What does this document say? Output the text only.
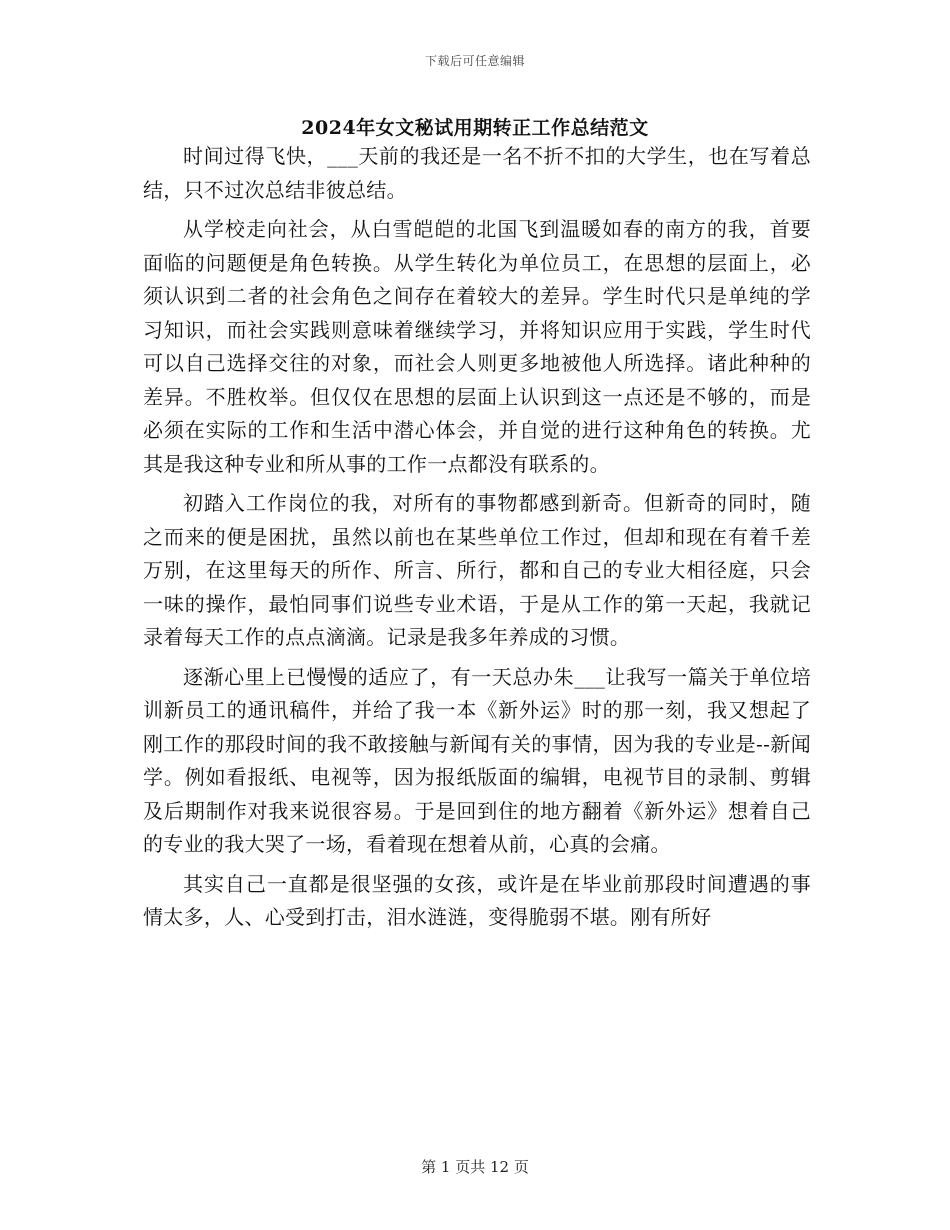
下载后可任意编辑
2024年女文秘试用期转正工作总结范文

时间过得飞快，___天前的我还是一名不折不扣的大学生，也在写着总结，只不过次总结非彼总结。

从学校走向社会，从白雪皑皑的北国飞到温暖如春的南方的我，首要面临的问题便是角色转换。从学生转化为单位员工，在思想的层面上，必须认识到二者的社会角色之间存在着较大的差异。学生时代只是单纯的学习知识，而社会实践则意味着继续学习，并将知识应用于实践，学生时代可以自己选择交往的对象，而社会人则更多地被他人所选择。诸此种种的差异。不胜枚举。但仅仅在思想的层面上认识到这一点还是不够的，而是必须在实际的工作和生活中潜心体会，并自觉的进行这种角色的转换。尤其是我这种专业和所从事的工作一点都没有联系的。

初踏入工作岗位的我，对所有的事物都感到新奇。但新奇的同时，随之而来的便是困扰，虽然以前也在某些单位工作过，但却和现在有着千差万别，在这里每天的所作、所言、所行，都和自己的专业大相径庭，只会一味的操作，最怕同事们说些专业术语，于是从工作的第一天起，我就记录着每天工作的点点滴滴。记录是我多年养成的习惯。

逐渐心里上已慢慢的适应了，有一天总办朱___让我写一篇关于单位培训新员工的通讯稿件，并给了我一本《新外运》时的那一刻，我又想起了刚工作的那段时间的我不敢接触与新闻有关的事情，因为我的专业是--新闻学。例如看报纸、电视等，因为报纸版面的编辑，电视节目的录制、剪辑及后期制作对我来说很容易。于是回到住的地方翻着《新外运》想着自己的专业的我大哭了一场，看着现在想着从前，心真的会痛。

其实自己一直都是很坚强的女孩，或许是在毕业前那段时间遭遇的事情太多，人、心受到打击，泪水涟涟，变得脆弱不堪。刚有所好

第 1 页共 12 页
